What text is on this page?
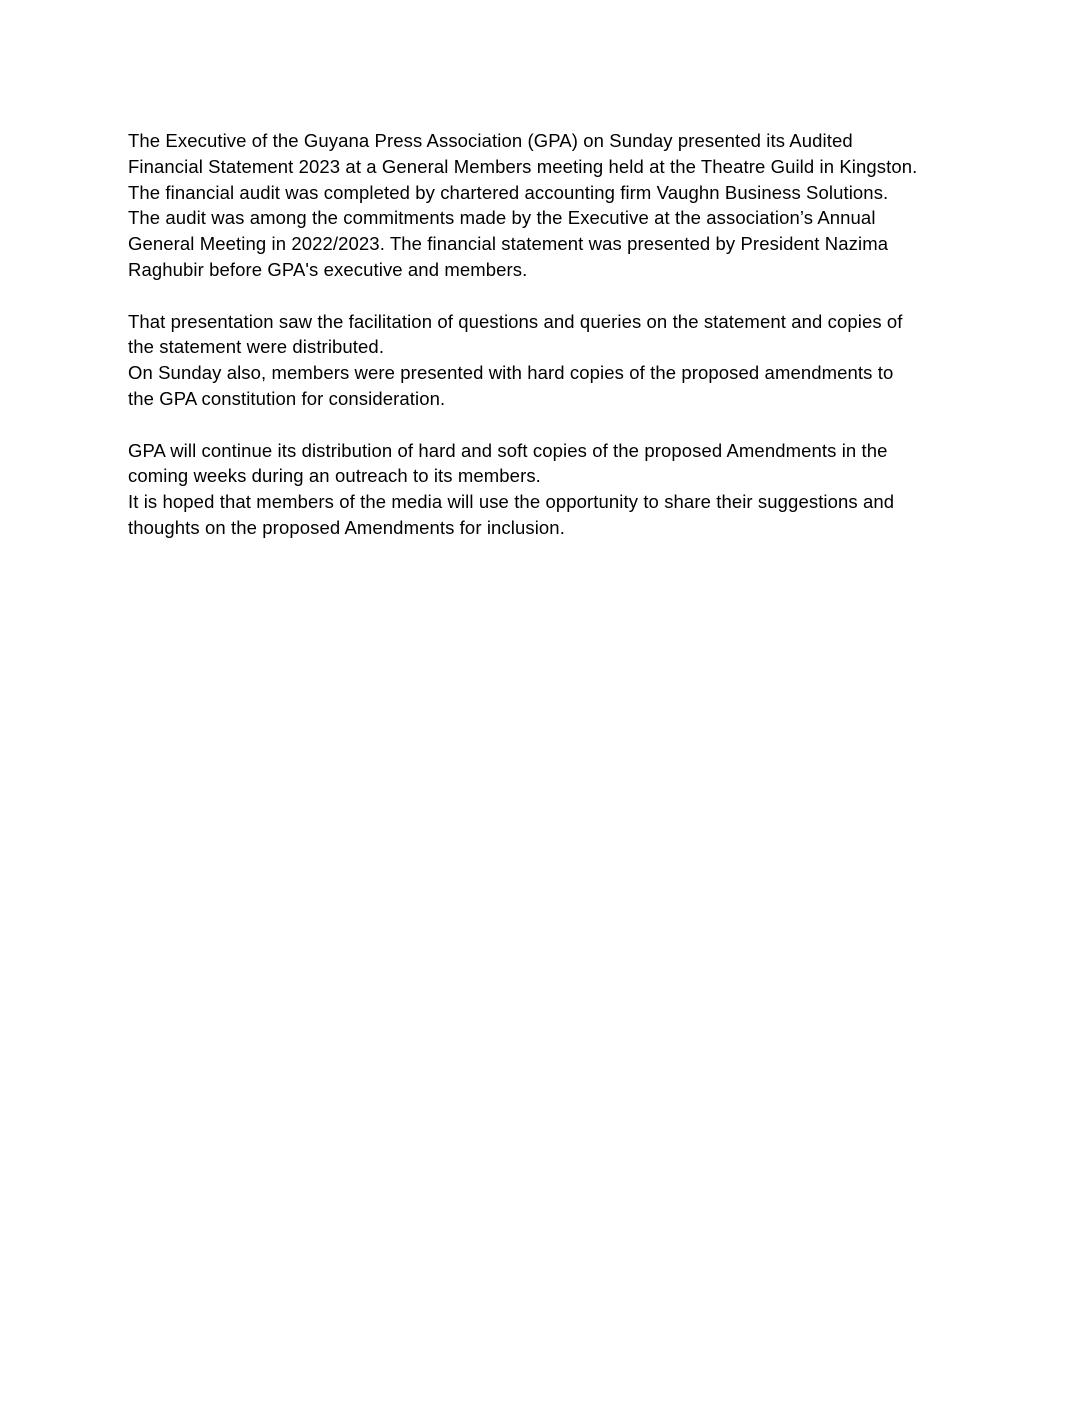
The Executive of the Guyana Press Association (GPA) on Sunday presented its Audited
Financial Statement 2023 at a General Members meeting held at the Theatre Guild in Kingston.
The financial audit was completed by chartered accounting firm Vaughn Business Solutions.
The audit was among the commitments made by the Executive at the association’s Annual
General Meeting in 2022/2023. The financial statement was presented by President Nazima
Raghubir before GPA's executive and members.
That presentation saw the facilitation of questions and queries on the statement and copies of
the statement were distributed.
On Sunday also, members were presented with hard copies of the proposed amendments to
the GPA constitution for consideration.
GPA will continue its distribution of hard and soft copies of the proposed Amendments in the
coming weeks during an outreach to its members.
It is hoped that members of the media will use the opportunity to share their suggestions and
thoughts on the proposed Amendments for inclusion.
